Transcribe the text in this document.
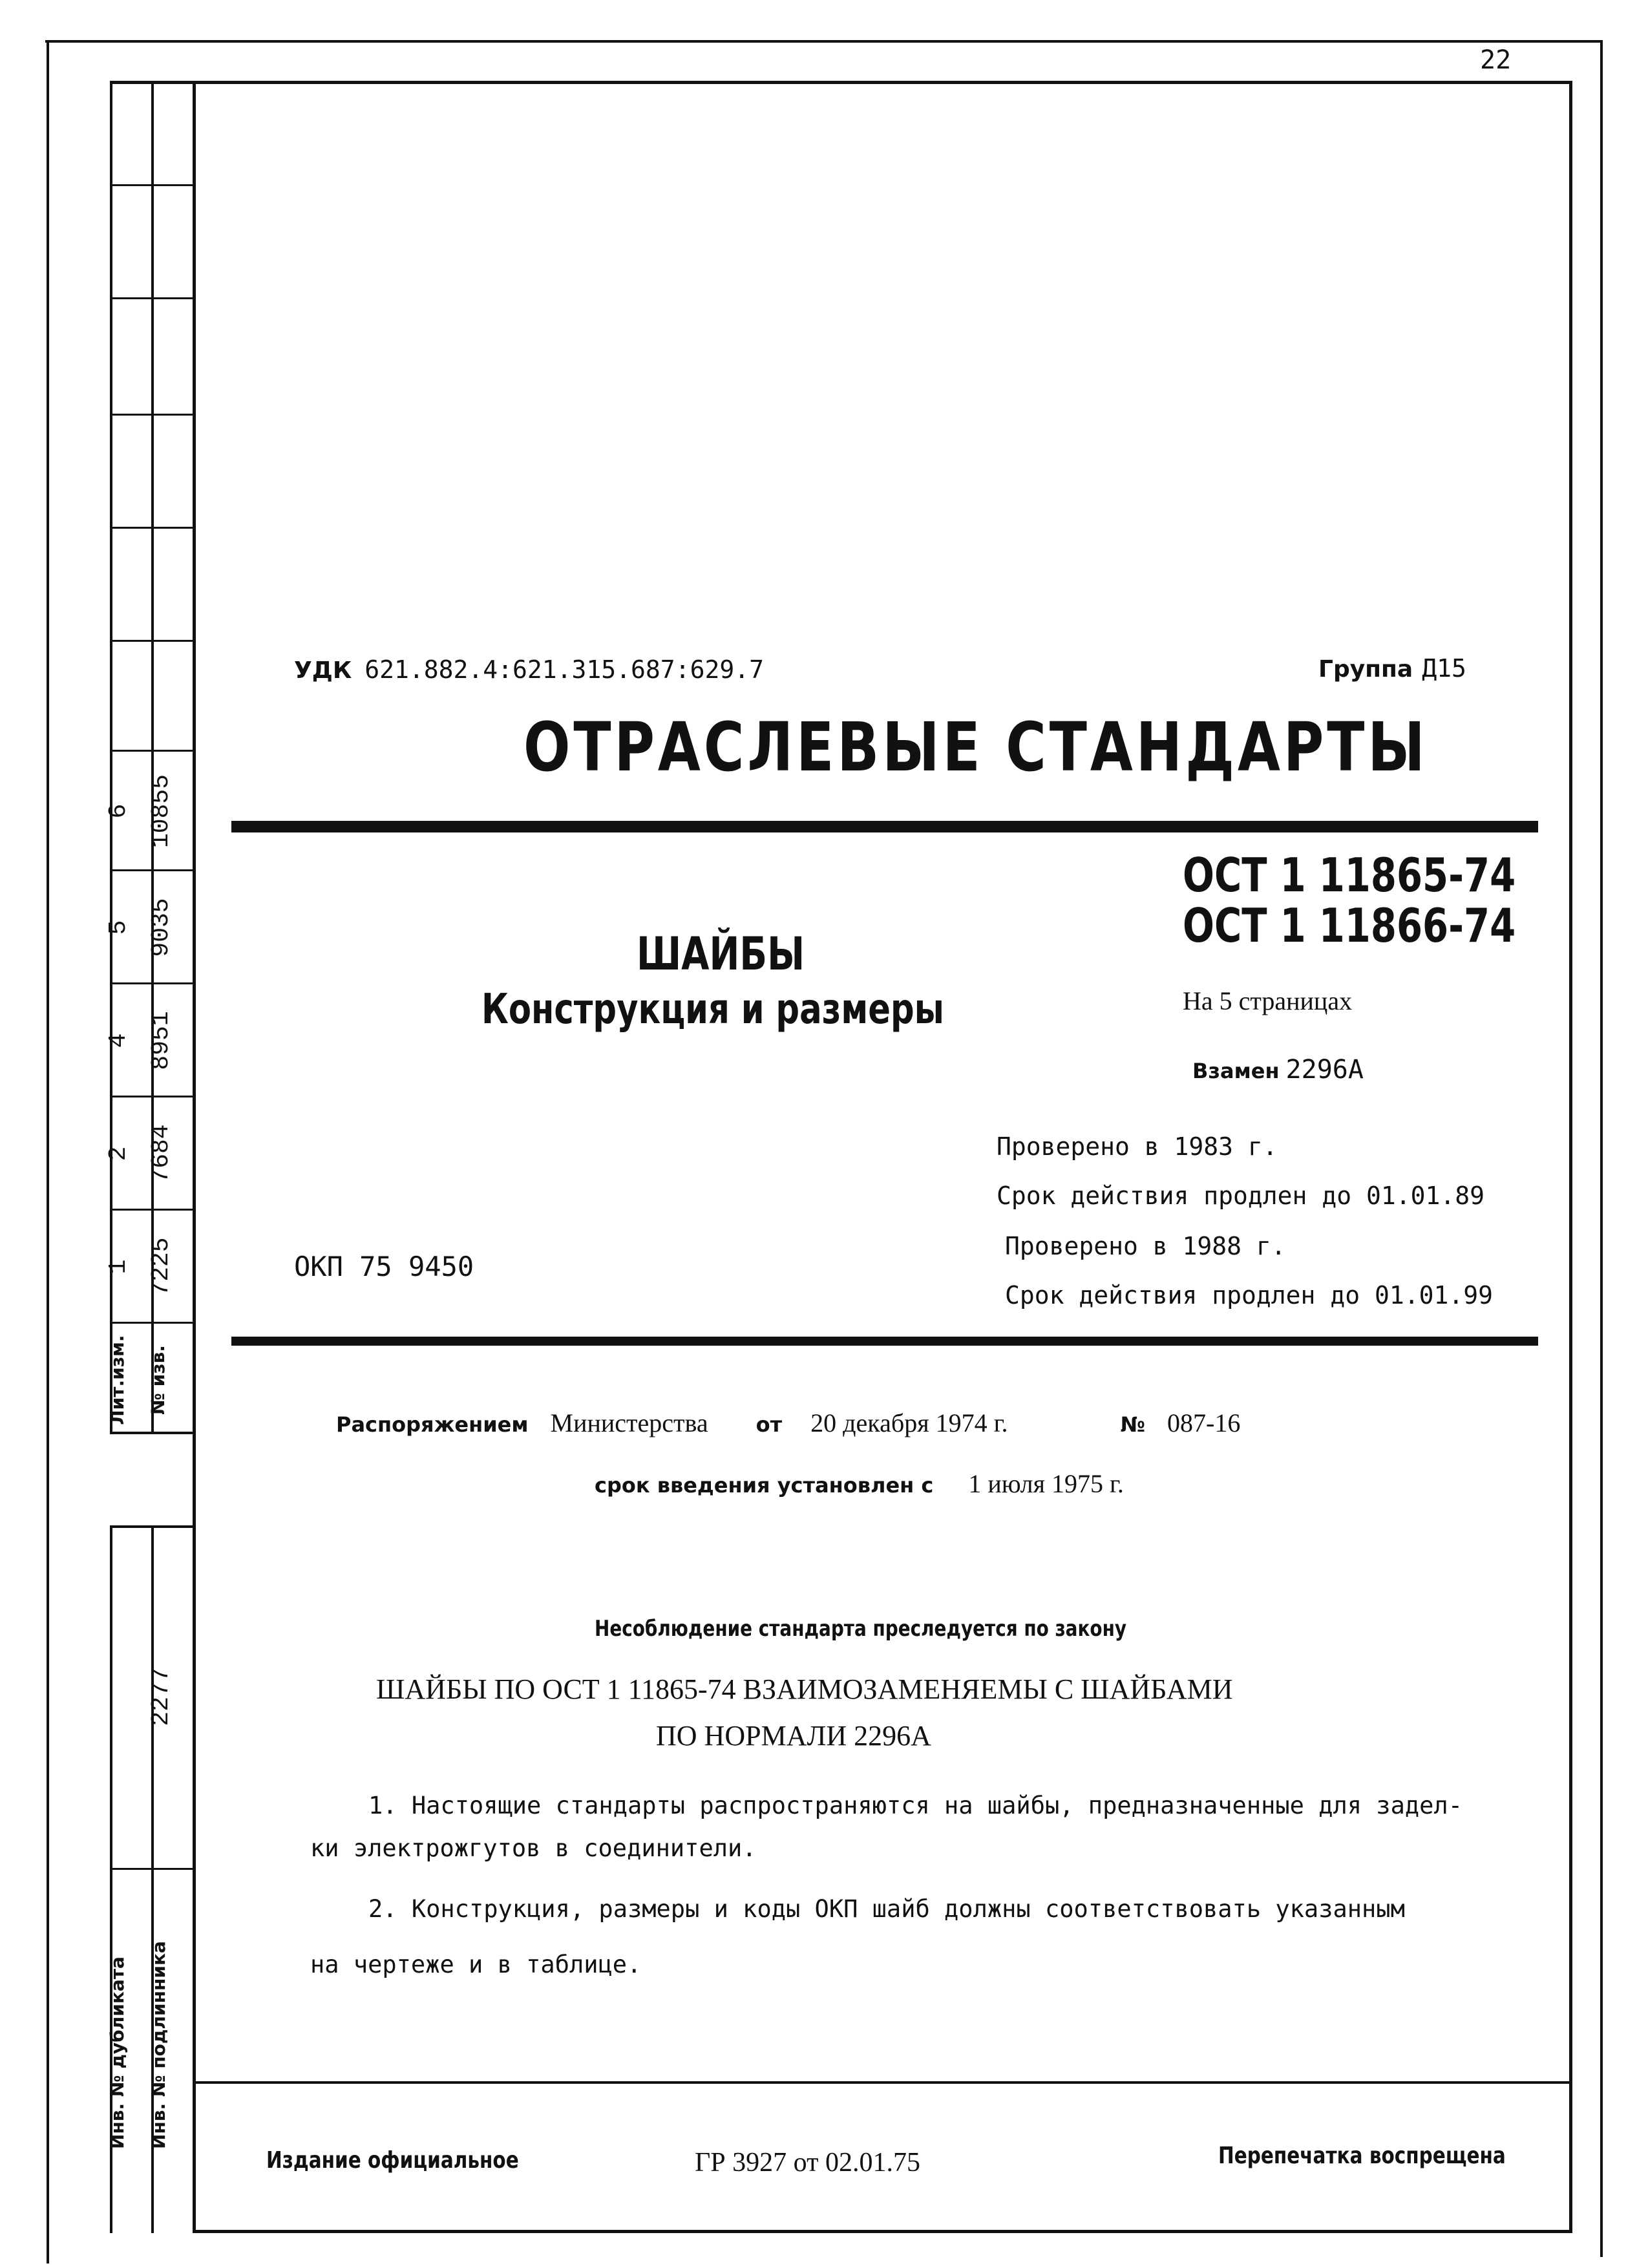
22
Лит.изм. № изв.
1 7225
2 7684
4 8951
5 9035
6 10855
2277
Инв. № дубликата Инв. № подлинника
УДК 621.882.4:621.315.687:629.7	Группа Д15
ОТРАСЛЕВЫЕ СТАНДАРТЫ
ОСТ 1 11865-74
ОСТ 1 11866-74
ШАЙБЫ
Конструкция и размеры	На 5 страницах
Взамен 2296А
Проверено в 1983 г.
Срок действия продлен до 01.01.89
Проверено в 1988 г.
Срок действия продлен до 01.01.99
ОКП 75 9450
Распоряжением Министерства от 20 декабря 1974 г.	№ 087-16
срок введения установлен с 1 июля 1975 г.
Несоблюдение стандарта преследуется по закону
ШАЙБЫ ПО ОСТ 1 11865-74 ВЗАИМОЗАМЕНЯЕМЫ С ШАЙБАМИ
ПО НОРМАЛИ 2296А
1. Настоящие стандарты распространяются на шайбы, предназначенные для задел-
ки электрожгутов в соединители.
2. Конструкция, размеры и коды ОКП шайб должны соответствовать указанным
на чертеже и в таблице.
Издание официальное	ГР 3927 от 02.01.75	Перепечатка воспрещена
